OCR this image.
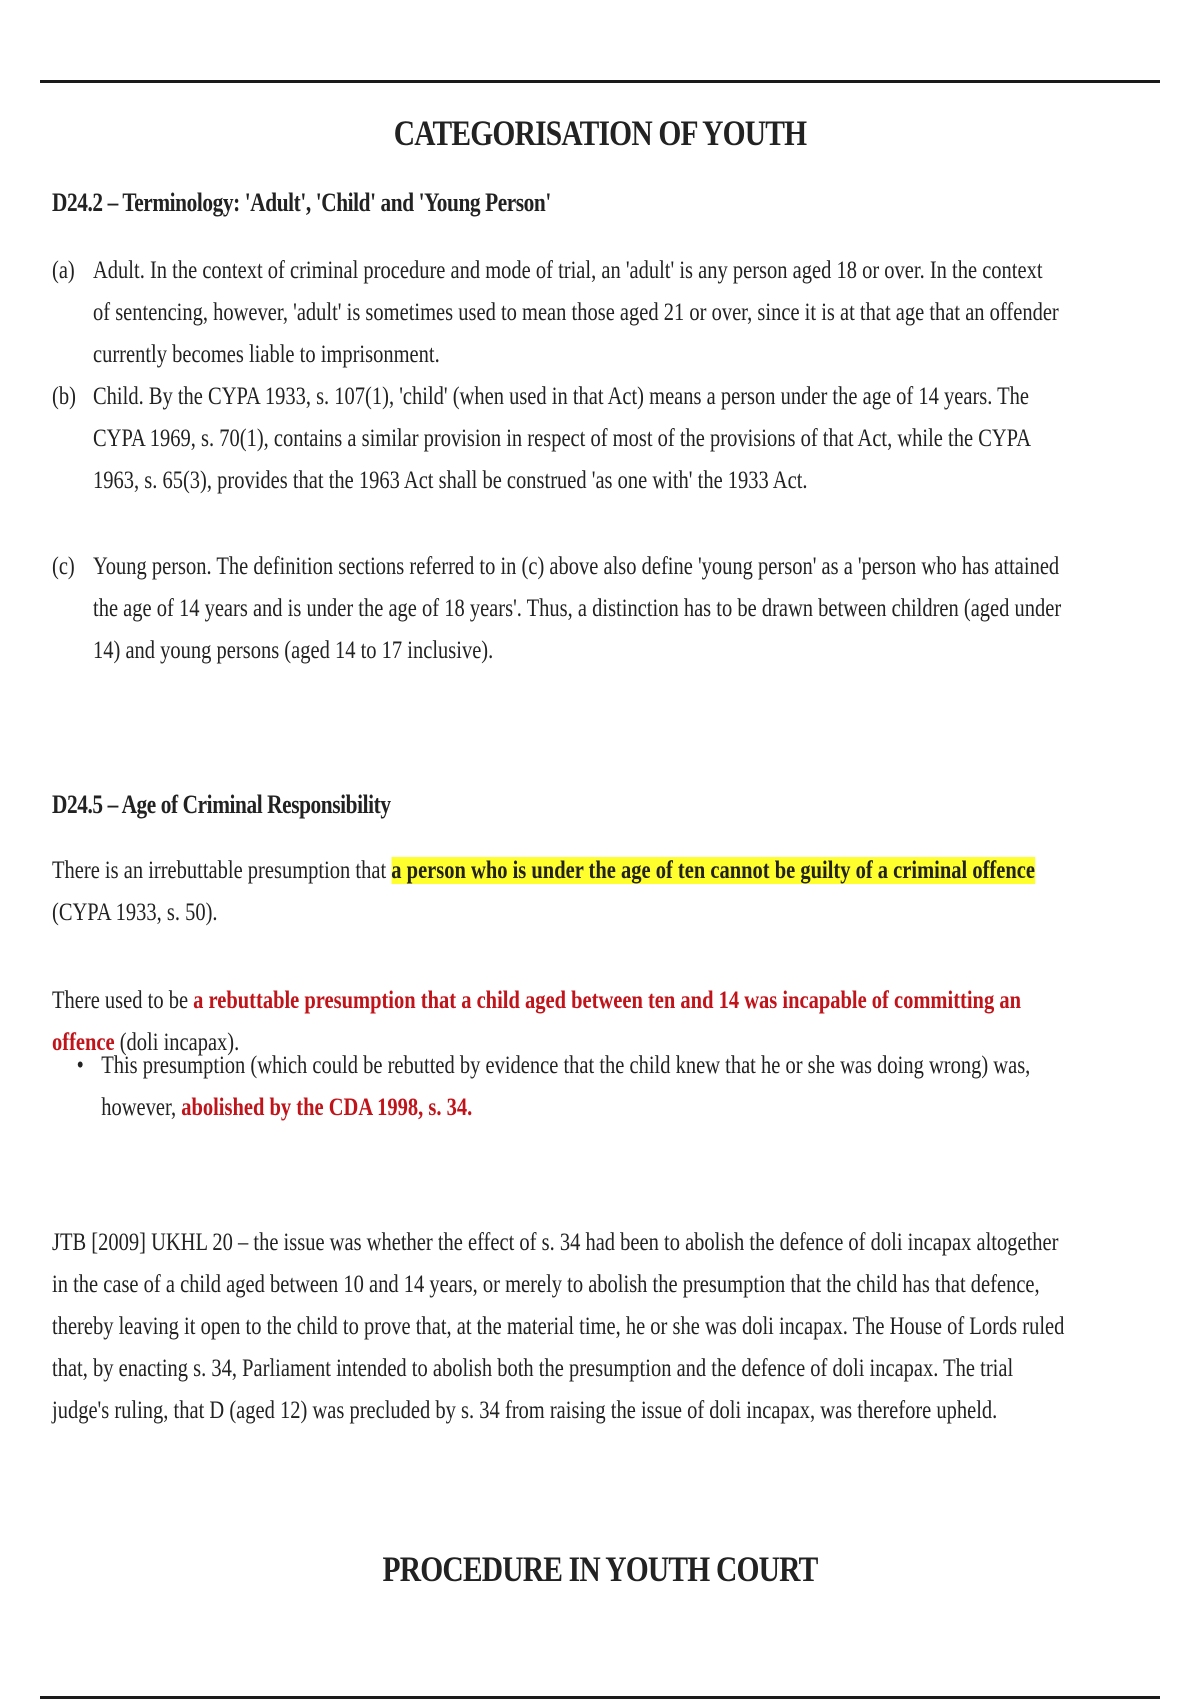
CATEGORISATION OF YOUTH
D24.2 – Terminology: 'Adult', 'Child' and 'Young Person'
(a) Adult. In the context of criminal procedure and mode of trial, an 'adult' is any person aged 18 or over. In the context of sentencing, however, 'adult' is sometimes used to mean those aged 21 or over, since it is at that age that an offender currently becomes liable to imprisonment.
(b) Child. By the CYPA 1933, s. 107(1), 'child' (when used in that Act) means a person under the age of 14 years. The CYPA 1969, s. 70(1), contains a similar provision in respect of most of the provisions of that Act, while the CYPA 1963, s. 65(3), provides that the 1963 Act shall be construed 'as one with' the 1933 Act.
(c) Young person. The definition sections referred to in (c) above also define 'young person' as a 'person who has attained the age of 14 years and is under the age of 18 years'. Thus, a distinction has to be drawn between children (aged under 14) and young persons (aged 14 to 17 inclusive).
D24.5 – Age of Criminal Responsibility

There is an irrebuttable presumption that a person who is under the age of ten cannot be guilty of a criminal offence (CYPA 1933, s. 50).

There used to be a rebuttable presumption that a child aged between ten and 14 was incapable of committing an offence (doli incapax).

• This presumption (which could be rebutted by evidence that the child knew that he or she was doing wrong) was, however, abolished by the CDA 1998, s. 34.

JTB [2009] UKHL 20 – the issue was whether the effect of s. 34 had been to abolish the defence of doli incapax altogether in the case of a child aged between 10 and 14 years, or merely to abolish the presumption that the child has that defence, thereby leaving it open to the child to prove that, at the material time, he or she was doli incapax. The House of Lords ruled that, by enacting s. 34, Parliament intended to abolish both the presumption and the defence of doli incapax. The trial judge's ruling, that D (aged 12) was precluded by s. 34 from raising the issue of doli incapax, was therefore upheld.

PROCEDURE IN YOUTH COURT
